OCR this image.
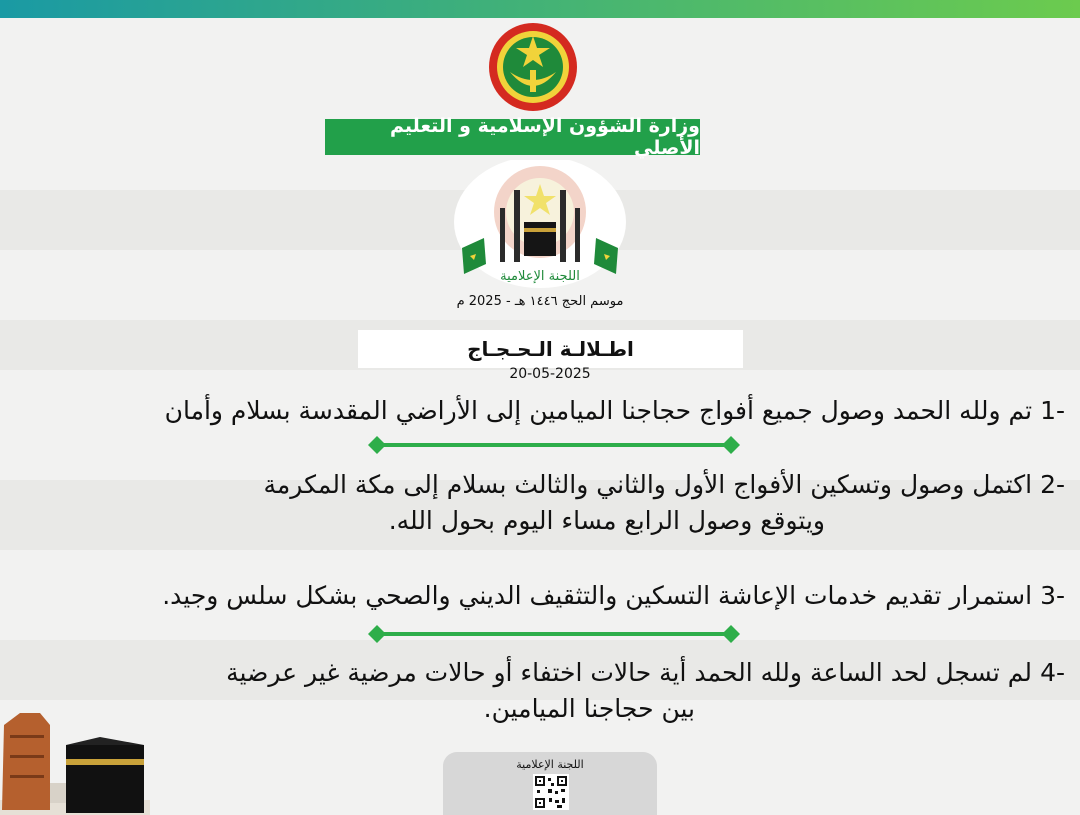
وزارة الشؤون الإسلامية و التعليم الأصلي
اللجنة الإعلامية
موسم الحج ١٤٤٦ هـ - 2025 م
اطـلالـة الـحـجـاج
20-05-2025
-1تم ولله الحمد وصول جميع أفواج حجاجنا الميامين إلى الأراضي المقدسة بسلام وأمان
-2اكتمل وصول وتسكين الأفواج الأول والثاني والثالث بسلام إلى مكة المكرمة
ويتوقع وصول الرابع مساء اليوم بحول الله.
-3استمرار تقديم خدمات الإعاشة التسكين والتثقيف الديني والصحي بشكل سلس وجيد.
-4لم تسجل لحد الساعة ولله الحمد أية حالات اختفاء أو حالات مرضية غير عرضية
بين حجاجنا الميامين.
اللجنة الإعلامية
